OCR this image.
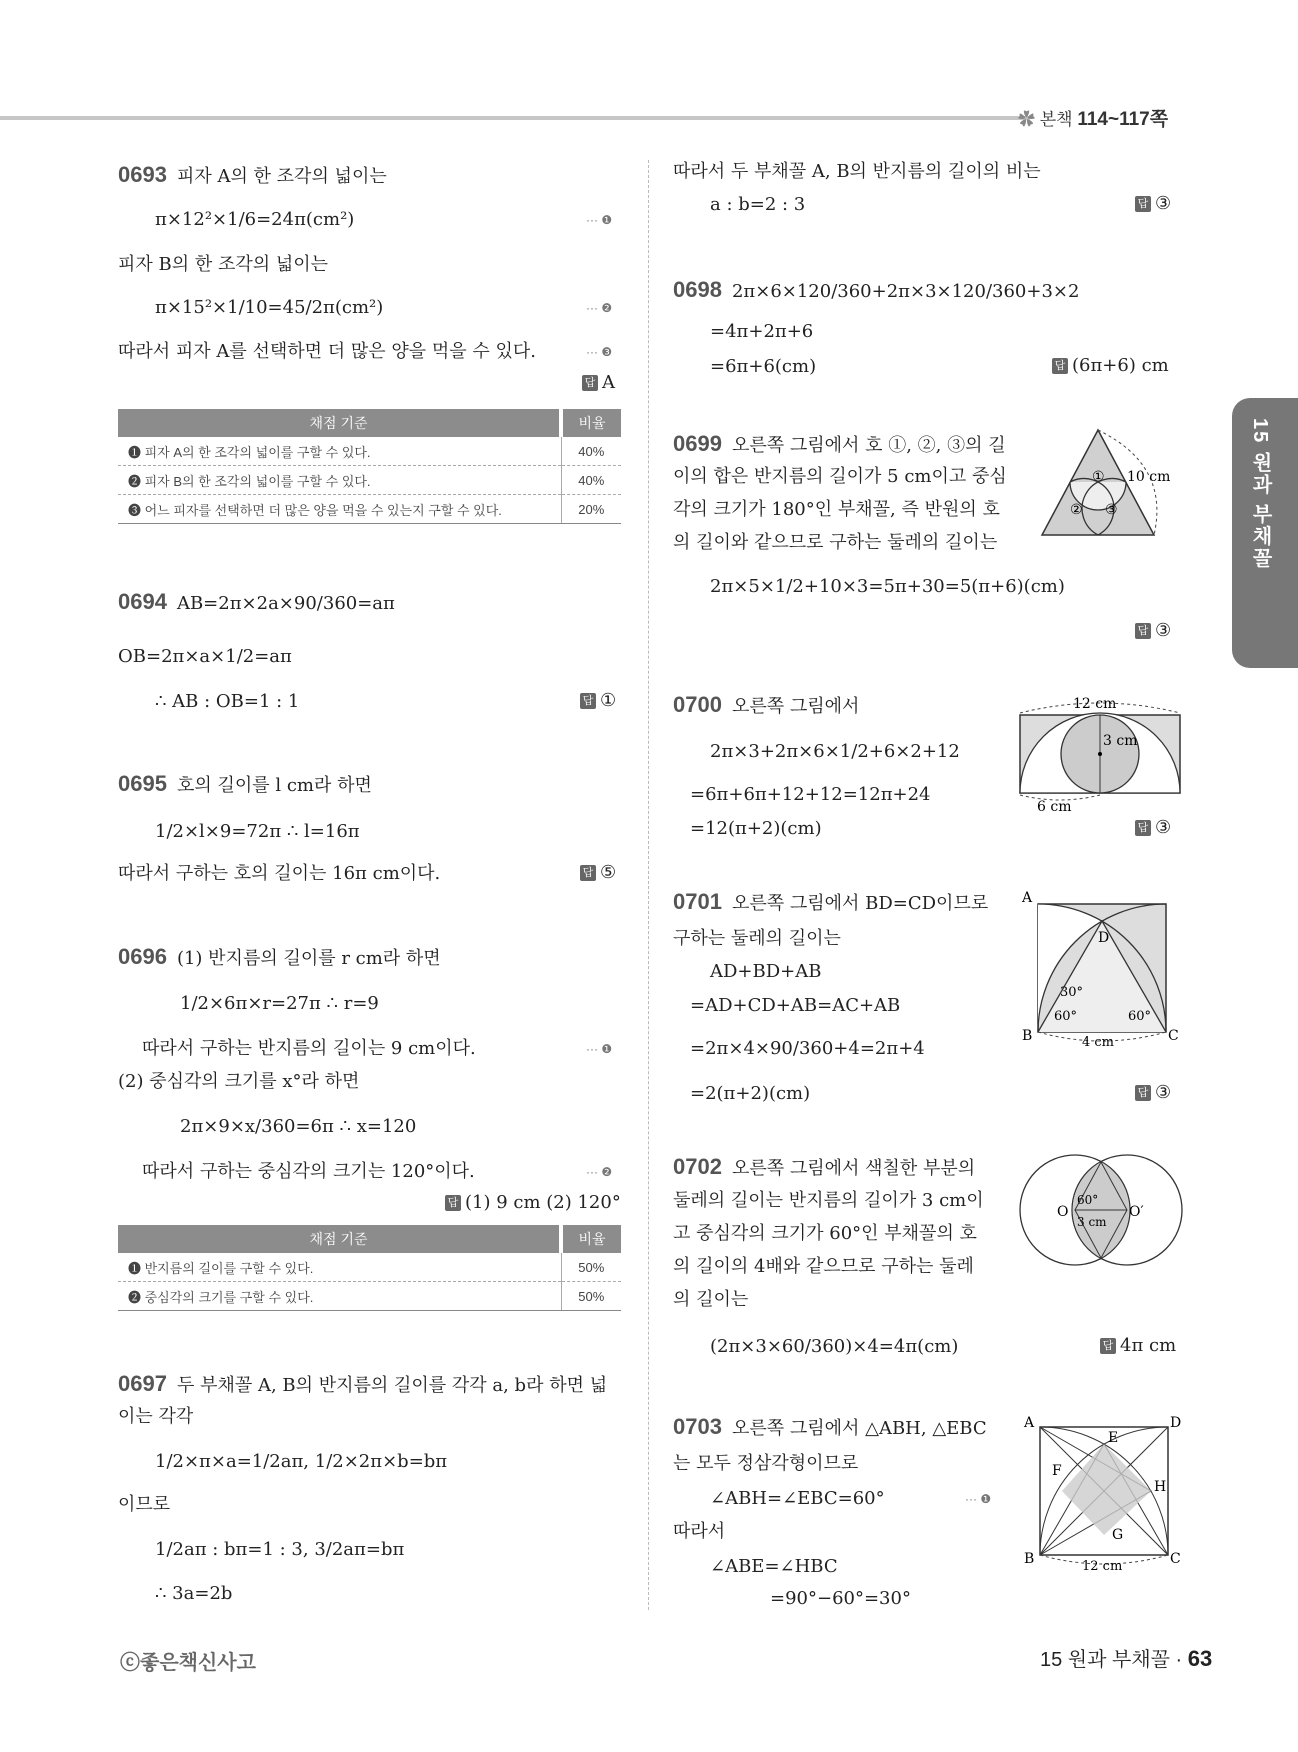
✿ 본책 114~117쪽
15 원과 부채꼴
0693 피자 A의 한 조각의 넓이는
π×12²×1/6=24π(cm²)	··· ❶
피자 B의 한 조각의 넓이는
π×15²×1/10=45/2π(cm²)	··· ❷
따라서 피자 A를 선택하면 더 많은 양을 먹을 수 있다.	··· ❸
답 A
채점 기준	비율
❶ 피자 A의 한 조각의 넓이를 구할 수 있다.	40%
❷ 피자 B의 한 조각의 넓이를 구할 수 있다.	40%
❸ 어느 피자를 선택하면 더 많은 양을 먹을 수 있는지 구할 수 있다.	20%
0694 AB=2π×2a×90/360=aπ
OB=2π×a×1/2=aπ
∴ AB : OB=1 : 1	답 ①
0695 호의 길이를 l cm라 하면
1/2×l×9=72π ∴ l=16π
따라서 구하는 호의 길이는 16π cm이다.	답 ⑤
0696 (1) 반지름의 길이를 r cm라 하면
1/2×6π×r=27π ∴ r=9
따라서 구하는 반지름의 길이는 9 cm이다.	··· ❶
(2) 중심각의 크기를 x°라 하면
2π×9×x/360=6π ∴ x=120
따라서 구하는 중심각의 크기는 120°이다.	··· ❷
답 (1) 9 cm (2) 120°
채점 기준	비율
❶ 반지름의 길이를 구할 수 있다.	50%
❷ 중심각의 크기를 구할 수 있다.	50%
0697 두 부채꼴 A, B의 반지름의 길이를 각각 a, b라 하면 넓
이는 각각
1/2×π×a=1/2aπ, 1/2×2π×b=bπ
이므로
1/2aπ : bπ=1 : 3, 3/2aπ=bπ
∴ 3a=2b
따라서 두 부채꼴 A, B의 반지름의 길이의 비는
a : b=2 : 3	답 ③
0698 2π×6×120/360+2π×3×120/360+3×2
=4π+2π+6
=6π+6(cm)	답 (6π+6) cm
0699 오른쪽 그림에서 호 ①, ②, ③의 길
이의 합은 반지름의 길이가 5 cm이고 중심
각의 크기가 180°인 부채꼴, 즉 반원의 호
의 길이와 같으므로 구하는 둘레의 길이는
2π×5×1/2+10×3=5π+30=5(π+6)(cm)
답 ③
①
② ③
10 cm
0700 오른쪽 그림에서
2π×3+2π×6×1/2+6×2+12
=6π+6π+12+12=12π+24
=12(π+2)(cm)	답 ③
12 cm
3 cm
6 cm
0701 오른쪽 그림에서 BD=CD이므로
구하는 둘레의 길이는
AD+BD+AB
=AD+CD+AB=AC+AB
=2π×4×90/360+4=2π+4
=2(π+2)(cm)	답 ③
A
D
30°
60°	60°
B	C
4 cm
0702 오른쪽 그림에서 색칠한 부분의
둘레의 길이는 반지름의 길이가 3 cm이
고 중심각의 크기가 60°인 부채꼴의 호
의 길이의 4배와 같으므로 구하는 둘레
의 길이는
(2π×3×60/360)×4=4π(cm)	답 4π cm
O	O′
60°
3 cm
0703 오른쪽 그림에서 △ABH, △EBC
는 모두 정삼각형이므로
∠ABH=∠EBC=60°	··· ❶
따라서
∠ABE=∠HBC
=90°−60°=30°
A	D
E
F
H
G
B	C
12 cm
ⓒ좋은책신사고	15 원과 부채꼴 · 63
